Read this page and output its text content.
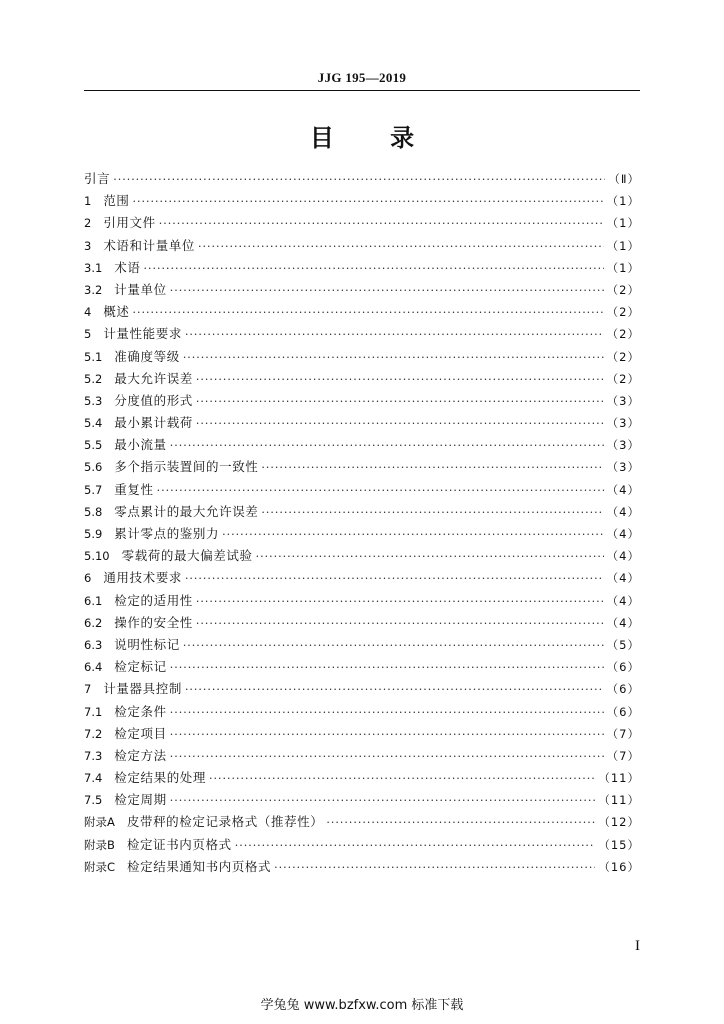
JJG 195—2019
目 录
引言 ·····	（Ⅱ）
1 范围 ·····	（1）
2 引用文件 ·····	（1）
3 术语和计量单位 ·····	（1）
3.1 术语 ·····	（1）
3.2 计量单位 ·····	（2）
4 概述 ·····	（2）
5 计量性能要求 ·····	（2）
5.1 准确度等级 ·····	（2）
5.2 最大允许误差 ·····	（2）
5.3 分度值的形式 ·····	（3）
5.4 最小累计载荷 ·····	（3）
5.5 最小流量 ·····	（3）
5.6 多个指示装置间的一致性 ·····	（3）
5.7 重复性 ·····	（4）
5.8 零点累计的最大允许误差 ·····	（4）
5.9 累计零点的鉴别力 ·····	（4）
5.10 零载荷的最大偏差试验 ·····	（4）
6 通用技术要求 ·····	（4）
6.1 检定的适用性 ·····	（4）
6.2 操作的安全性 ·····	（4）
6.3 说明性标记 ·····	（5）
6.4 检定标记 ·····	（6）
7 计量器具控制 ·····	（6）
7.1 检定条件 ·····	（6）
7.2 检定项目 ·····	（7）
7.3 检定方法 ·····	（7）
7.4 检定结果的处理 ·····	（11）
7.5 检定周期 ·····	（11）
附录A 皮带秤的检定记录格式（推荐性） ·····	（12）
附录B 检定证书内页格式 ·····	（15）
附录C 检定结果通知书内页格式 ·····	（16）
I
学兔兔 www.bzfxw.com 标准下载
